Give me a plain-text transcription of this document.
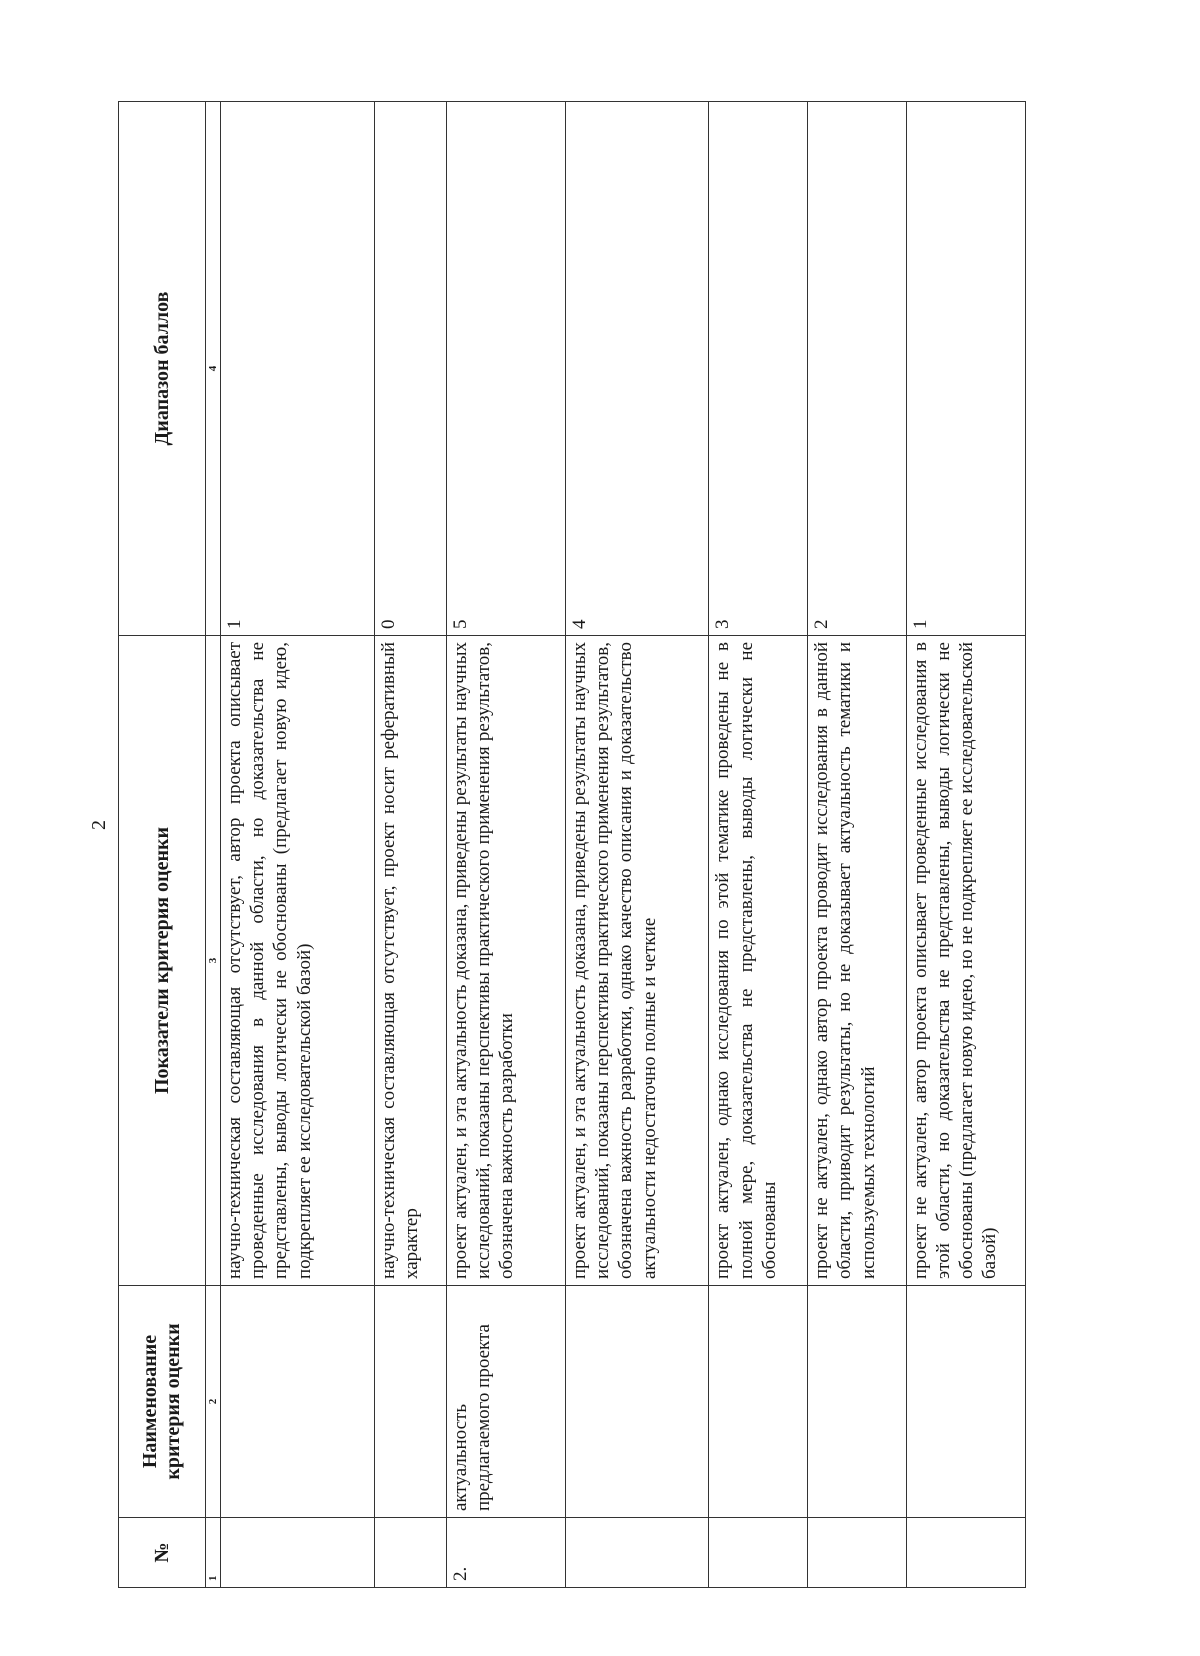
2
№	Наименование критерия оценки	Показатели критерия оценки	Диапазон баллов
1	2	3	4
		научно-техническая составляющая отсутствует, автор проекта описывает проведенные исследования в данной области, но доказательства не представлены, выводы логически не обоснованы (предлагает новую идею, подкрепляет ее исследовательской базой)	1
		научно-техническая составляющая отсутствует, проект носит реферативный характер	0
2.	актуальность предлагаемого проекта	проект актуален, и эта актуальность доказана, приведены результаты научных исследований, показаны перспективы практического применения результатов, обозначена важность разработки	5
		проект актуален, и эта актуальность доказана, приведены результаты научных исследований, показаны перспективы практического применения результатов, обозначена важность разработки, однако качество описания и доказательство актуальности недостаточно полные и четкие	4
		проект актуален, однако исследования по этой тематике проведены не в полной мере, доказательства не представлены, выводы логически не обоснованы	3
		проект не актуален, однако автор проекта проводит исследования в данной области, приводит результаты, но не доказывает актуальность тематики и используемых технологий	2
		проект не актуален, автор проекта описывает проведенные исследования в этой области, но доказательства не представлены, выводы логически не обоснованы (предлагает новую идею, но не подкрепляет ее исследовательской базой)	1
